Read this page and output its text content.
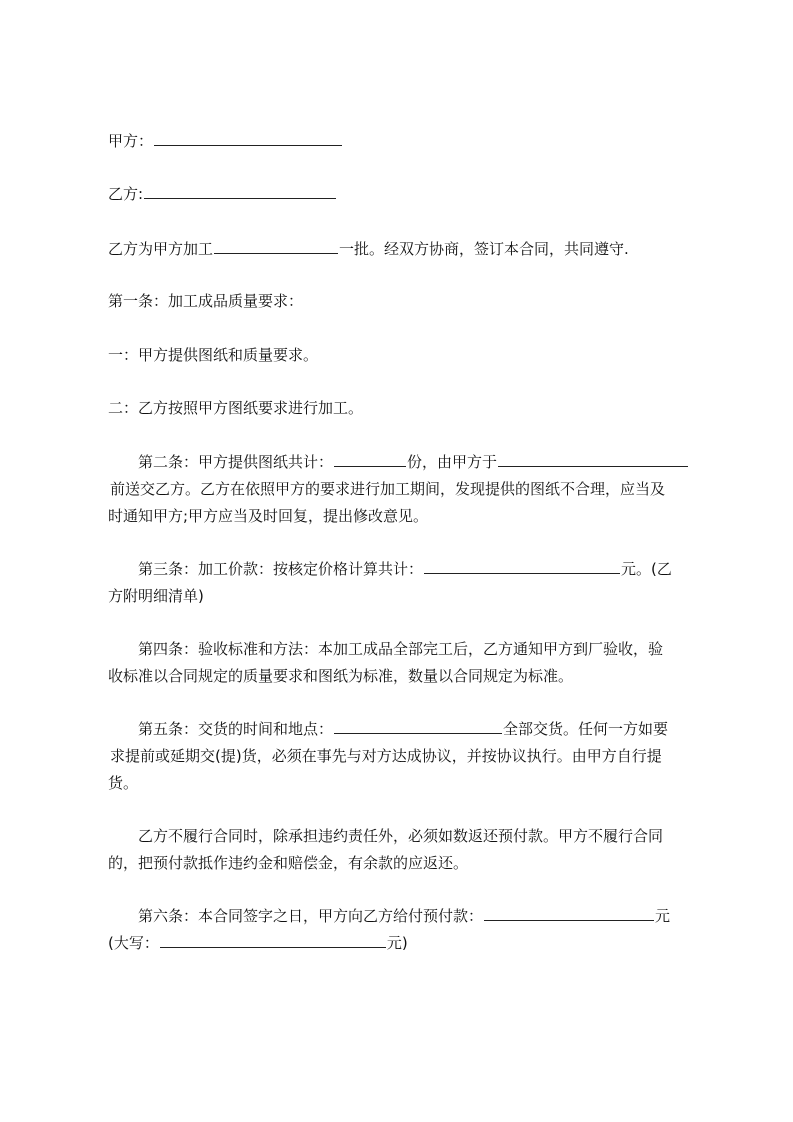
甲方：
乙方:
乙方为甲方加工	一批。经双方协商，签订本合同，共同遵守.
第一条：加工成品质量要求：
一：甲方提供图纸和质量要求。
二：乙方按照甲方图纸要求进行加工。
第二条：甲方提供图纸共计：	份，由甲方于
前送交乙方。乙方在依照甲方的要求进行加工期间，发现提供的图纸不合理，应当及
时通知甲方;甲方应当及时回复，提出修改意见。
第三条：加工价款：按核定价格计算共计：	元。(乙
方附明细清单)
第四条：验收标准和方法：本加工成品全部完工后，乙方通知甲方到厂验收，验
收标准以合同规定的质量要求和图纸为标准，数量以合同规定为标准。
第五条：交货的时间和地点：	全部交货。任何一方如要
求提前或延期交(提)货，必须在事先与对方达成协议，并按协议执行。由甲方自行提
货。
乙方不履行合同时，除承担违约责任外，必须如数返还预付款。甲方不履行合同
的，把预付款抵作违约金和赔偿金，有余款的应返还。
第六条：本合同签字之日，甲方向乙方给付预付款：	元
(大写：	元)
